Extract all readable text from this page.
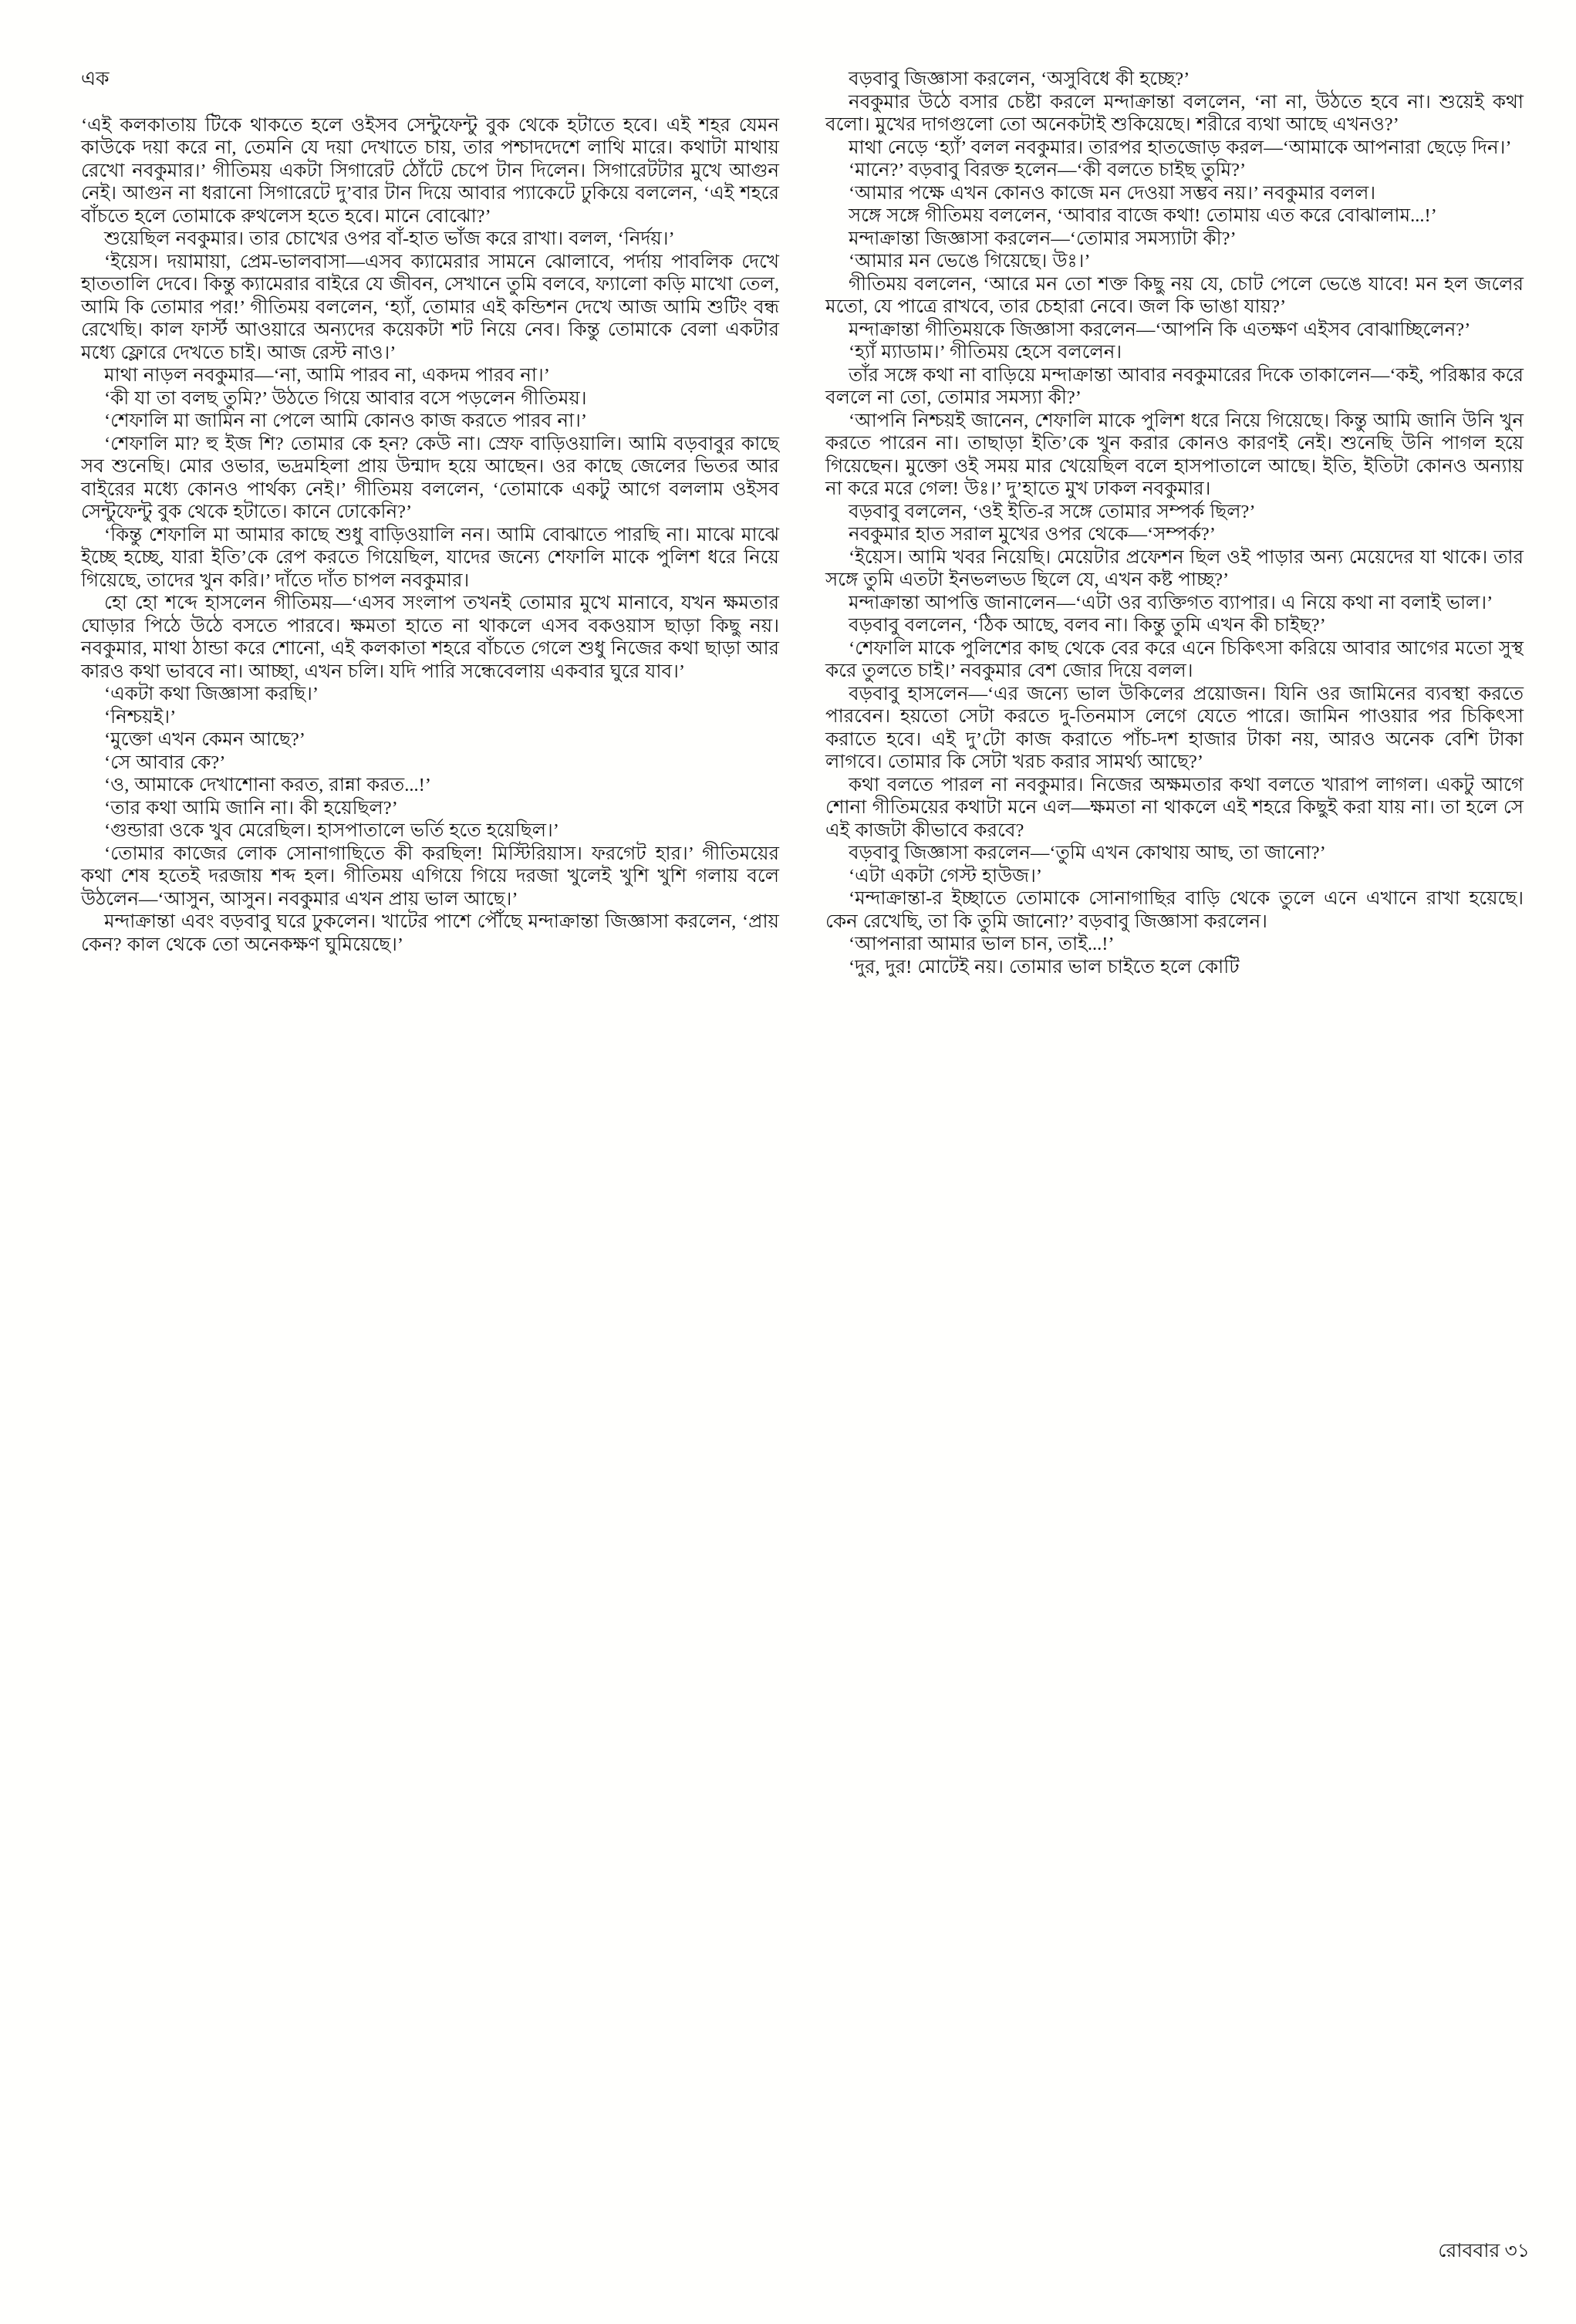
এক

‘এই কলকাতায় টিকে থাকতে হলে ওইসব সেন্টুফেন্টু বুক থেকে হটাতে হবে। এই শহর যেমন কাউকে দয়া করে না, তেমনি যে দয়া দেখাতে চায়, তার পশ্চাদদেশে লাথি মারে। কথাটা মাথায় রেখো নবকুমার।’ গীতিময় একটা সিগারেট ঠোঁটে চেপে টান দিলেন। সিগারেটটার মুখে আগুন নেই। আগুন না ধরানো সিগারেটে দু’বার টান দিয়ে আবার প্যাকেটে ঢুকিয়ে বললেন, ‘এই শহরে বাঁচতে হলে তোমাকে রুথলেস হতে হবে। মানে বোঝো?’

শুয়েছিল নবকুমার। তার চোখের ওপর বাঁ-হাত ভাঁজ করে রাখা। বলল, ‘নির্দয়।’

‘ইয়েস। দয়ামায়া, প্রেম-ভালবাসা—এসব ক্যামেরার সামনে ঝোলাবে, পর্দায় পাবলিক দেখে হাততালি দেবে। কিন্তু ক্যামেরার বাইরে যে জীবন, সেখানে তুমি বলবে, ফ্যালো কড়ি মাখো তেল, আমি কি তোমার পর!’ গীতিময় বললেন, ‘হ্যাঁ, তোমার এই কন্ডিশন দেখে আজ আমি শুটিং বন্ধ রেখেছি। কাল ফার্স্ট আওয়ারে অন্যদের কয়েকটা শট নিয়ে নেব। কিন্তু তোমাকে বেলা একটার মধ্যে ফ্লোরে দেখতে চাই। আজ রেস্ট নাও।’

মাথা নাড়ল নবকুমার—‘না, আমি পারব না, একদম পারব না।’

‘কী যা তা বলছ তুমি?’ উঠতে গিয়ে আবার বসে পড়লেন গীতিময়।

‘শেফালি মা জামিন না পেলে আমি কোনও কাজ করতে পারব না।’

‘শেফালি মা? হু ইজ শি? তোমার কে হন? কেউ না। স্রেফ বাড়িওয়ালি। আমি বড়বাবুর কাছে সব শুনেছি। মোর ওভার, ভদ্রমহিলা প্রায় উন্মাদ হয়ে আছেন। ওর কাছে জেলের ভিতর আর বাইরের মধ্যে কোনও পার্থক্য নেই।’ গীতিময় বললেন, ‘তোমাকে একটু আগে বললাম ওইসব সেন্টুফেন্টু বুক থেকে হটাতে। কানে ঢোকেনি?’

‘কিন্তু শেফালি মা আমার কাছে শুধু বাড়িওয়ালি নন। আমি বোঝাতে পারছি না। মাঝে মাঝে ইচ্ছে হচ্ছে, যারা ইতি’কে রেপ করতে গিয়েছিল, যাদের জন্যে শেফালি মাকে পুলিশ ধরে নিয়ে গিয়েছে, তাদের খুন করি।’ দাঁতে দাঁত চাপল নবকুমার।

হো হো শব্দে হাসলেন গীতিময়—‘এসব সংলাপ তখনই তোমার মুখে মানাবে, যখন ক্ষমতার ঘোড়ার পিঠে উঠে বসতে পারবে। ক্ষমতা হাতে না থাকলে এসব বকওয়াস ছাড়া কিছু নয়। নবকুমার, মাথা ঠান্ডা করে শোনো, এই কলকাতা শহরে বাঁচতে গেলে শুধু নিজের কথা ছাড়া আর কারও কথা ভাববে না। আচ্ছা, এখন চলি। যদি পারি সন্ধেবেলায় একবার ঘুরে যাব।’

‘একটা কথা জিজ্ঞাসা করছি।’

‘নিশ্চয়ই।’

‘মুক্তো এখন কেমন আছে?’

‘সে আবার কে?’

‘ও, আমাকে দেখাশোনা করত, রান্না করত...!’

‘তার কথা আমি জানি না। কী হয়েছিল?’

‘গুন্ডারা ওকে খুব মেরেছিল। হাসপাতালে ভর্তি হতে হয়েছিল।’

‘তোমার কাজের লোক সোনাগাছিতে কী করছিল! মিস্টিরিয়াস। ফরগেট হার।’ গীতিময়ের কথা শেষ হতেই দরজায় শব্দ হল। গীতিময় এগিয়ে গিয়ে দরজা খুলেই খুশি খুশি গলায় বলে উঠলেন—‘আসুন, আসুন। নবকুমার এখন প্রায় ভাল আছে।’

মন্দাক্রান্তা এবং বড়বাবু ঘরে ঢুকলেন। খাটের পাশে পৌঁছে মন্দাক্রান্তা জিজ্ঞাসা করলেন, ‘প্রায় কেন? কাল থেকে তো অনেকক্ষণ ঘুমিয়েছে।’

বড়বাবু জিজ্ঞাসা করলেন, ‘অসুবিধে কী হচ্ছে?’

নবকুমার উঠে বসার চেষ্টা করলে মন্দাক্রান্তা বললেন, ‘না না, উঠতে হবে না। শুয়েই কথা বলো। মুখের দাগগুলো তো অনেকটাই শুকিয়েছে। শরীরে ব্যথা আছে এখনও?’

মাথা নেড়ে ‘হ্যাঁ’ বলল নবকুমার। তারপর হাতজোড় করল—‘আমাকে আপনারা ছেড়ে দিন।’

‘মানে?’ বড়বাবু বিরক্ত হলেন—‘কী বলতে চাইছ তুমি?’

‘আমার পক্ষে এখন কোনও কাজে মন দেওয়া সম্ভব নয়।’ নবকুমার বলল।

সঙ্গে সঙ্গে গীতিময় বললেন, ‘আবার বাজে কথা! তোমায় এত করে বোঝালাম...!’

মন্দাক্রান্তা জিজ্ঞাসা করলেন—‘তোমার সমস্যাটা কী?’

‘আমার মন ভেঙে গিয়েছে। উঃ।’

গীতিময় বললেন, ‘আরে মন তো শক্ত কিছু নয় যে, চোট পেলে ভেঙে যাবে! মন হল জলের মতো, যে পাত্রে রাখবে, তার চেহারা নেবে। জল কি ভাঙা যায়?’

মন্দাক্রান্তা গীতিময়কে জিজ্ঞাসা করলেন—‘আপনি কি এতক্ষণ এইসব বোঝাচ্ছিলেন?’

‘হ্যাঁ ম্যাডাম।’ গীতিময় হেসে বললেন।

তাঁর সঙ্গে কথা না বাড়িয়ে মন্দাক্রান্তা আবার নবকুমারের দিকে তাকালেন—‘কই, পরিষ্কার করে বললে না তো, তোমার সমস্যা কী?’

‘আপনি নিশ্চয়ই জানেন, শেফালি মাকে পুলিশ ধরে নিয়ে গিয়েছে। কিন্তু আমি জানি উনি খুন করতে পারেন না। তাছাড়া ইতি’কে খুন করার কোনও কারণই নেই। শুনেছি উনি পাগল হয়ে গিয়েছেন। মুক্তো ওই সময় মার খেয়েছিল বলে হাসপাতালে আছে। ইতি, ইতিটা কোনও অন্যায় না করে মরে গেল! উঃ।’ দু’হাতে মুখ ঢাকল নবকুমার।

বড়বাবু বললেন, ‘ওই ইতি-র সঙ্গে তোমার সম্পর্ক ছিল?’

নবকুমার হাত সরাল মুখের ওপর থেকে—‘সম্পর্ক?’

‘ইয়েস। আমি খবর নিয়েছি। মেয়েটার প্রফেশন ছিল ওই পাড়ার অন্য মেয়েদের যা থাকে। তার সঙ্গে তুমি এতটা ইনভলভড ছিলে যে, এখন কষ্ট পাচ্ছ?’

মন্দাক্রান্তা আপত্তি জানালেন—‘এটা ওর ব্যক্তিগত ব্যাপার। এ নিয়ে কথা না বলাই ভাল।’

বড়বাবু বললেন, ‘ঠিক আছে, বলব না। কিন্তু তুমি এখন কী চাইছ?’

‘শেফালি মাকে পুলিশের কাছ থেকে বের করে এনে চিকিৎসা করিয়ে আবার আগের মতো সুস্থ করে তুলতে চাই।’ নবকুমার বেশ জোর দিয়ে বলল।

বড়বাবু হাসলেন—‘এর জন্যে ভাল উকিলের প্রয়োজন। যিনি ওর জামিনের ব্যবস্থা করতে পারবেন। হয়তো সেটা করতে দু-তিনমাস লেগে যেতে পারে। জামিন পাওয়ার পর চিকিৎসা করাতে হবে। এই দু’টো কাজ করাতে পাঁচ-দশ হাজার টাকা নয়, আরও অনেক বেশি টাকা লাগবে। তোমার কি সেটা খরচ করার সামর্থ্য আছে?’

কথা বলতে পারল না নবকুমার। নিজের অক্ষমতার কথা বলতে খারাপ লাগল। একটু আগে শোনা গীতিময়ের কথাটা মনে এল—ক্ষমতা না থাকলে এই শহরে কিছুই করা যায় না। তা হলে সে এই কাজটা কীভাবে করবে?

বড়বাবু জিজ্ঞাসা করলেন—‘তুমি এখন কোথায় আছ, তা জানো?’

‘এটা একটা গেস্ট হাউজ।’

‘মন্দাক্রান্তা-র ইচ্ছাতে তোমাকে সোনাগাছির বাড়ি থেকে তুলে এনে এখানে রাখা হয়েছে। কেন রেখেছি, তা কি তুমি জানো?’ বড়বাবু জিজ্ঞাসা করলেন।

‘আপনারা আমার ভাল চান, তাই...!’

‘দুর, দুর! মোটেই নয়। তোমার ভাল চাইতে হলে কোটি

রোববার ৩১
